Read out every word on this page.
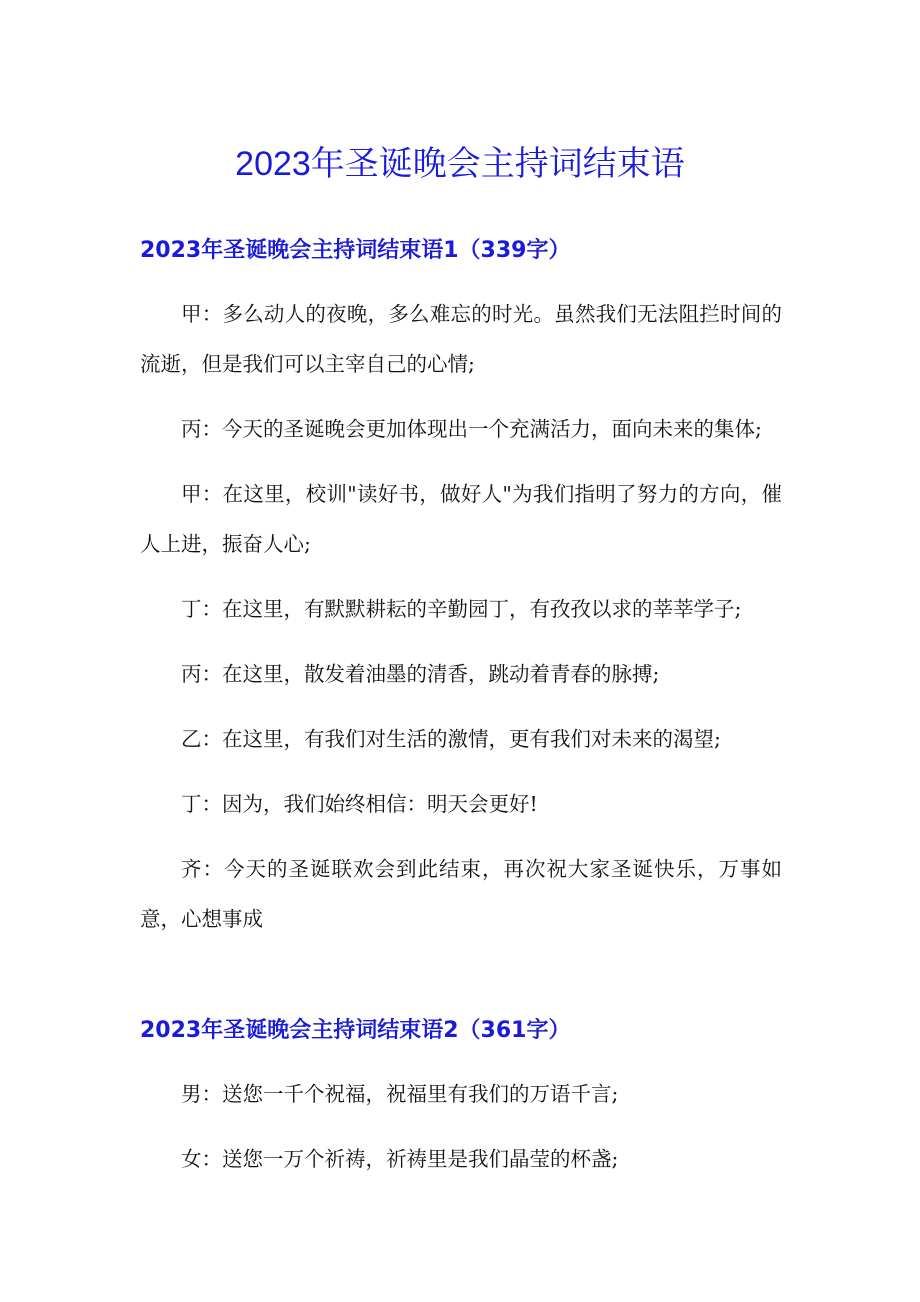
2023年圣诞晚会主持词结束语
2023年圣诞晚会主持词结束语1（339字）

甲：多么动人的夜晚，多么难忘的时光。虽然我们无法阻拦时间的流逝，但是我们可以主宰自己的心情;

丙：今天的圣诞晚会更加体现出一个充满活力，面向未来的集体;

甲：在这里，校训"读好书，做好人"为我们指明了努力的方向，催人上进，振奋人心;

丁：在这里，有默默耕耘的辛勤园丁，有孜孜以求的莘莘学子;

丙：在这里，散发着油墨的清香，跳动着青春的脉搏;

乙：在这里，有我们对生活的激情，更有我们对未来的渴望;

丁：因为，我们始终相信：明天会更好!

齐：今天的圣诞联欢会到此结束，再次祝大家圣诞快乐，万事如意，心想事成

2023年圣诞晚会主持词结束语2（361字）

男：送您一千个祝福，祝福里有我们的万语千言;

女：送您一万个祈祷，祈祷里是我们晶莹的杯盏;
